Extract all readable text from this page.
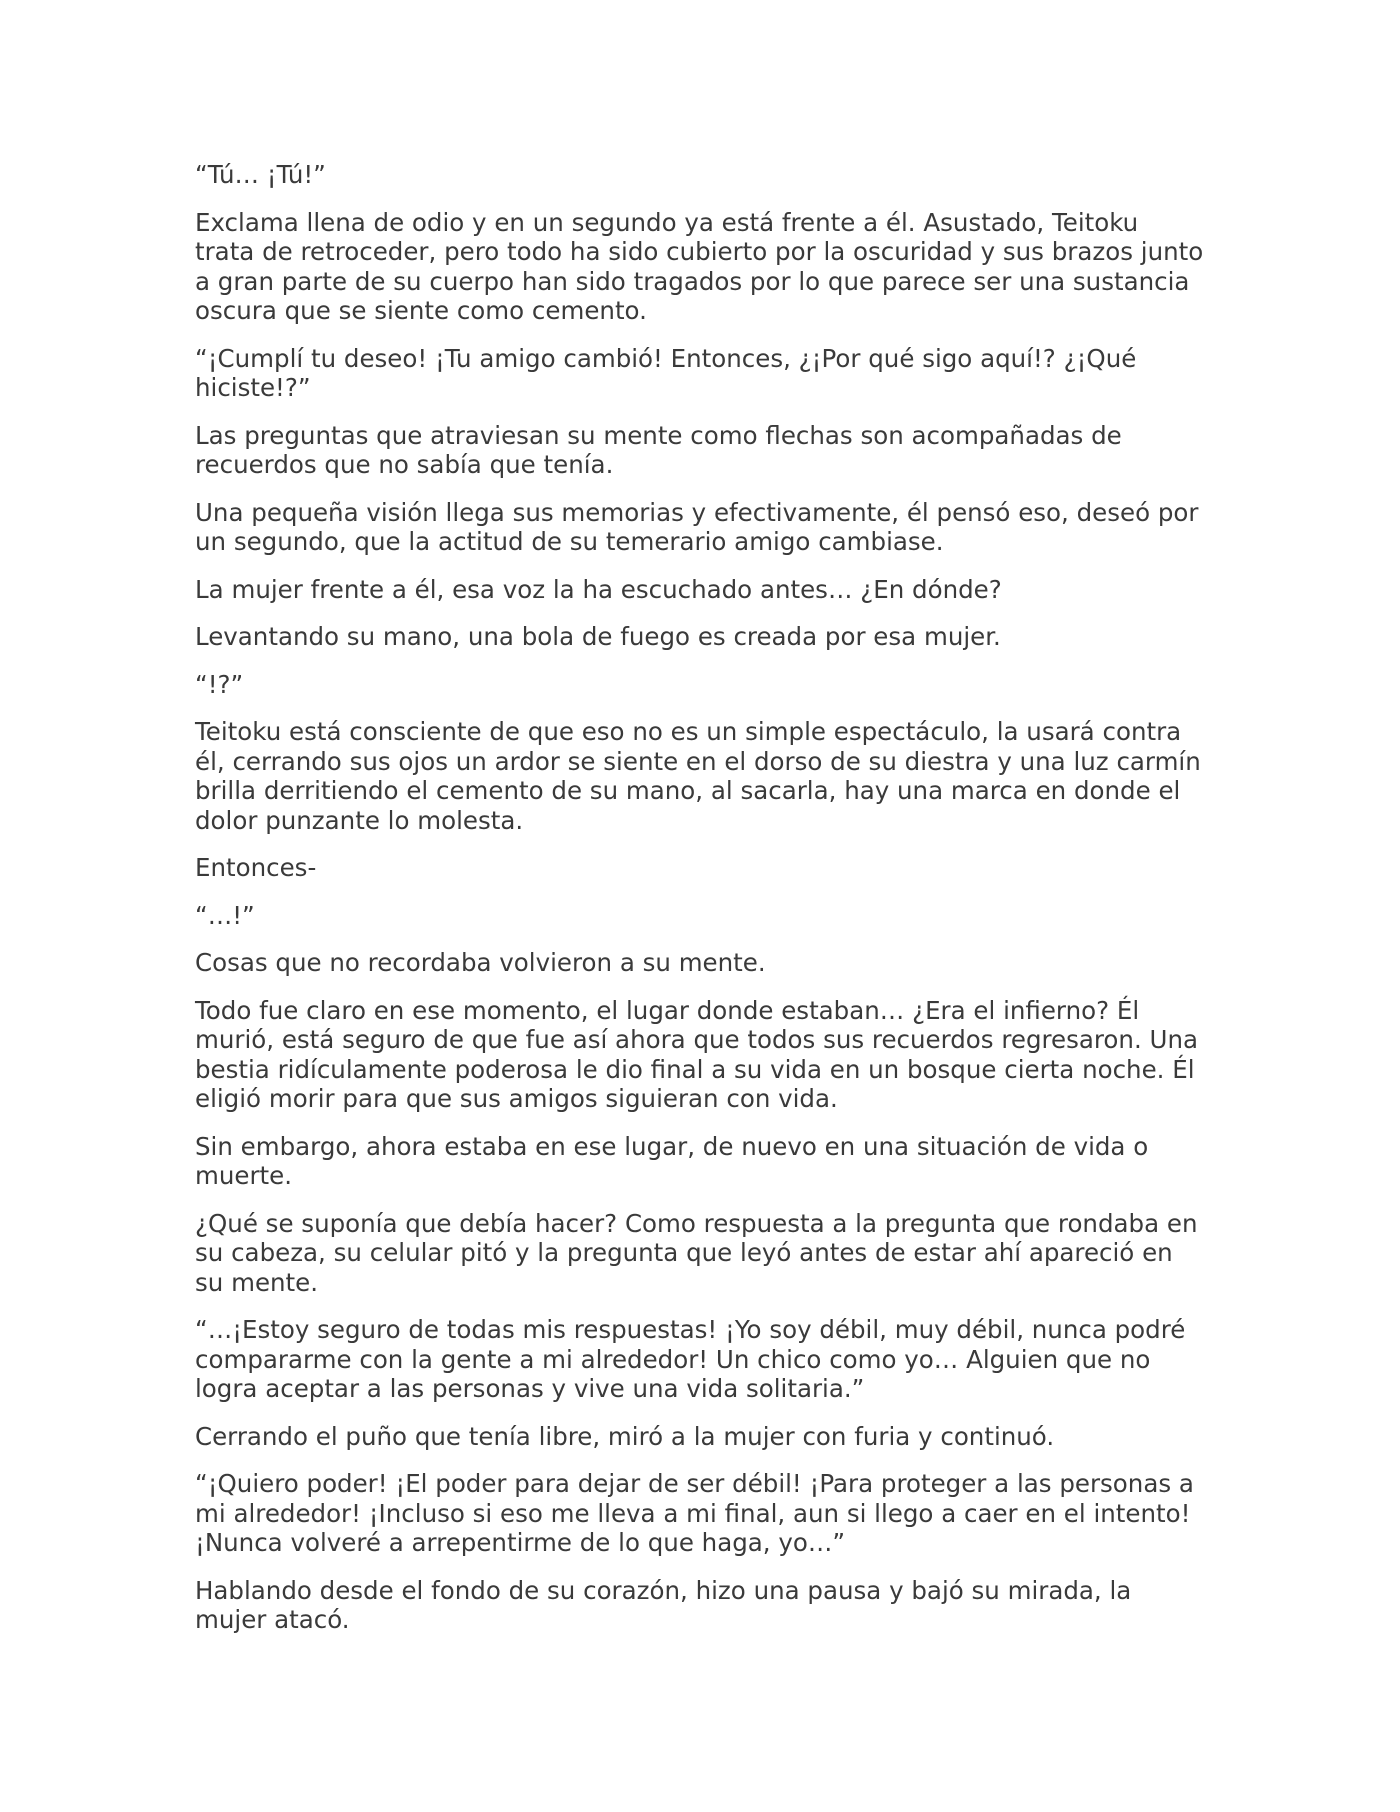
“Tú… ¡Tú!”

Exclama llena de odio y en un segundo ya está frente a él. Asustado, Teitoku trata de retroceder, pero todo ha sido cubierto por la oscuridad y sus brazos junto a gran parte de su cuerpo han sido tragados por lo que parece ser una sustancia oscura que se siente como cemento.

“¡Cumplí tu deseo! ¡Tu amigo cambió! Entonces, ¿¡Por qué sigo aquí!? ¿¡Qué hiciste!?”

Las preguntas que atraviesan su mente como flechas son acompañadas de recuerdos que no sabía que tenía.

Una pequeña visión llega sus memorias y efectivamente, él pensó eso, deseó por un segundo, que la actitud de su temerario amigo cambiase.

La mujer frente a él, esa voz la ha escuchado antes… ¿En dónde?

Levantando su mano, una bola de fuego es creada por esa mujer.

“!?”

Teitoku está consciente de que eso no es un simple espectáculo, la usará contra él, cerrando sus ojos un ardor se siente en el dorso de su diestra y una luz carmín brilla derritiendo el cemento de su mano, al sacarla, hay una marca en donde el dolor punzante lo molesta.

Entonces-

“…!”

Cosas que no recordaba volvieron a su mente.

Todo fue claro en ese momento, el lugar donde estaban… ¿Era el infierno? Él murió, está seguro de que fue así ahora que todos sus recuerdos regresaron. Una bestia ridículamente poderosa le dio final a su vida en un bosque cierta noche. Él eligió morir para que sus amigos siguieran con vida.

Sin embargo, ahora estaba en ese lugar, de nuevo en una situación de vida o muerte.

¿Qué se suponía que debía hacer? Como respuesta a la pregunta que rondaba en su cabeza, su celular pitó y la pregunta que leyó antes de estar ahí apareció en su mente.

“…¡Estoy seguro de todas mis respuestas! ¡Yo soy débil, muy débil, nunca podré compararme con la gente a mi alrededor! Un chico como yo… Alguien que no logra aceptar a las personas y vive una vida solitaria.”

Cerrando el puño que tenía libre, miró a la mujer con furia y continuó.

“¡Quiero poder! ¡El poder para dejar de ser débil! ¡Para proteger a las personas a mi alrededor! ¡Incluso si eso me lleva a mi final, aun si llego a caer en el intento! ¡Nunca volveré a arrepentirme de lo que haga, yo…”

Hablando desde el fondo de su corazón, hizo una pausa y bajó su mirada, la mujer atacó.
